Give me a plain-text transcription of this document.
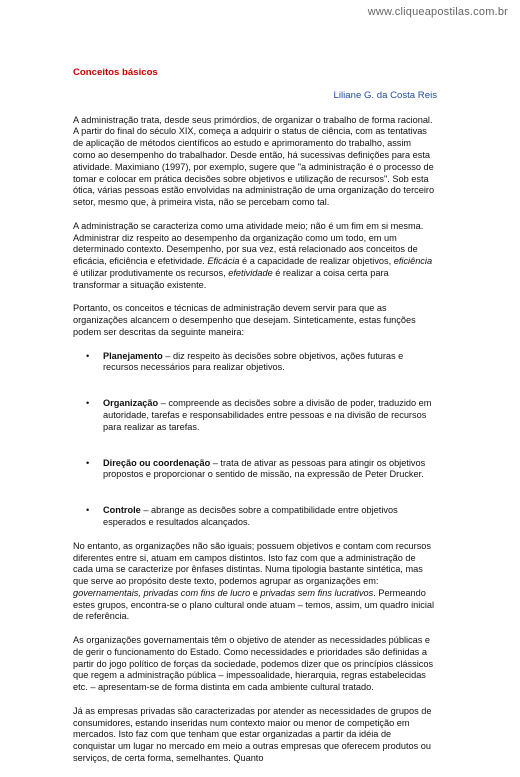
www.cliqueapostilas.com.br
Conceitos básicos
Liliane G. da Costa Reis

A administração trata, desde seus primórdios, de organizar o trabalho de forma racional. A partir do final do século XIX, começa a adquirir o status de ciência, com as tentativas de aplicação de métodos científicos ao estudo e aprimoramento do trabalho, assim como ao desempenho do trabalhador. Desde então, há sucessivas definições para esta atividade. Maximiano (1997), por exemplo, sugere que "a administração é o processo de tomar e colocar em prática decisões sobre objetivos e utilização de recursos". Sob esta ótica, várias pessoas estão envolvidas na administração de uma organização do terceiro setor, mesmo que, à primeira vista, não se percebam como tal.

A administração se caracteriza como uma atividade meio; não é um fim em si mesma. Administrar diz respeito ao desempenho da organização como um todo, em um determinado contexto. Desempenho, por sua vez, está relacionado aos conceitos de eficácia, eficiência e efetividade. Eficácia é a capacidade de realizar objetivos, eficiência é utilizar produtivamente os recursos, efetividade é realizar a coisa certa para transformar a situação existente.

Portanto, os conceitos e técnicas de administração devem servir para que as organizações alcancem o desempenho que desejam. Sinteticamente, estas funções podem ser descritas da seguinte maneira:

• Planejamento – diz respeito às decisões sobre objetivos, ações futuras e recursos necessários para realizar objetivos.
• Organização – compreende as decisões sobre a divisão de poder, traduzido em autoridade, tarefas e responsabilidades entre pessoas e na divisão de recursos para realizar as tarefas.
• Direção ou coordenação – trata de ativar as pessoas para atingir os objetivos propostos e proporcionar o sentido de missão, na expressão de Peter Drucker.
• Controle – abrange as decisões sobre a compatibilidade entre objetivos esperados e resultados alcançados.

No entanto, as organizações não são iguais; possuem objetivos e contam com recursos diferentes entre si, atuam em campos distintos. Isto faz com que a administração de cada uma se caracterize por ênfases distintas. Numa tipologia bastante sintética, mas que serve ao propósito deste texto, podemos agrupar as organizações em: governamentais, privadas com fins de lucro e privadas sem fins lucrativos. Permeando estes grupos, encontra-se o plano cultural onde atuam – temos, assim, um quadro inicial de referência.

As organizações governamentais têm o objetivo de atender as necessidades públicas e de gerir o funcionamento do Estado. Como necessidades e prioridades são definidas a partir do jogo político de forças da sociedade, podemos dizer que os princípios clássicos que regem a administração pública – impessoalidade, hierarquia, regras estabelecidas etc. – apresentam-se de forma distinta em cada ambiente cultural tratado.

Já as empresas privadas são caracterizadas por atender as necessidades de grupos de consumidores, estando inseridas num contexto maior ou menor de competição em mercados. Isto faz com que tenham que estar organizadas a partir da idéia de conquistar um lugar no mercado em meio a outras empresas que oferecem produtos ou serviços, de certa forma, semelhantes. Quanto
